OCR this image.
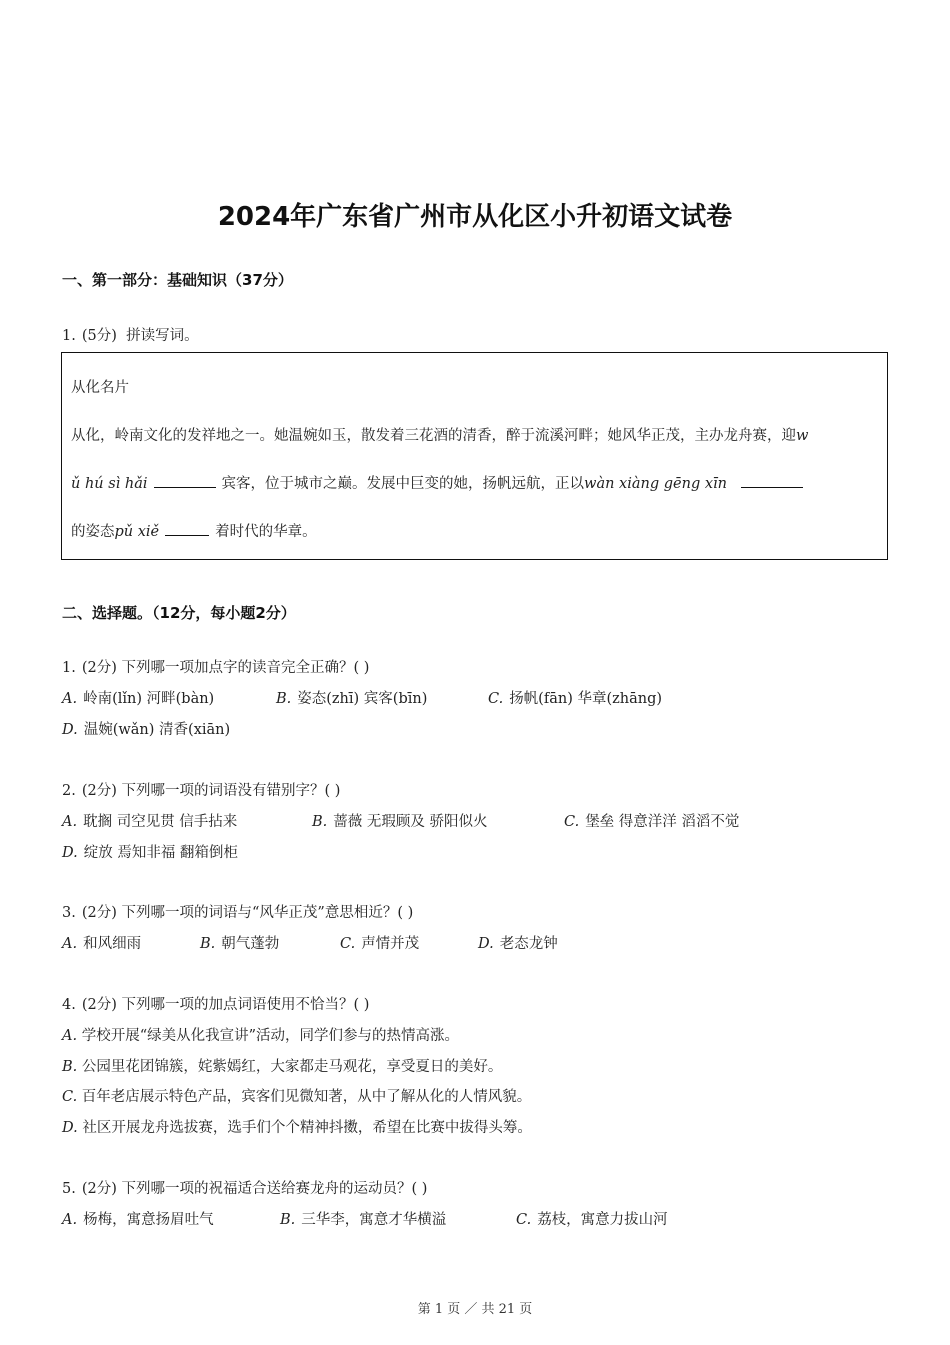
2024年广东省广州市从化区小升初语文试卷
一、第一部分：基础知识（37分）
1. (5分) 拼读写词。
从化名片
从化，岭南文化的发祥地之一。她温婉如玉，散发着三花酒的清香，醉于流溪河畔；她风华正茂，主办龙舟赛，迎w
ǔ hú sì hǎi	宾客，位于城市之巅。发展中巨变的她，扬帆远航，正以wàn xiàng gēng xīn
的姿态pǔ xiě	着时代的华章。
二、选择题。（12分，每小题2分）
1. (2分) 下列哪一项加点字的读音完全正确？( )
A. 岭南(lǐn) 河畔(bàn)	B. 姿态(zhī) 宾客(bīn)	C. 扬帆(fān) 华章(zhāng)
D. 温婉(wǎn) 清香(xiān)
2. (2分) 下列哪一项的词语没有错别字？( )
A. 耽搁 司空见贯 信手拈来	B. 蔷薇 无瑕顾及 骄阳似火	C. 堡垒 得意洋洋 滔滔不觉
D. 绽放 焉知非福 翻箱倒柜
3. (2分) 下列哪一项的词语与“风华正茂”意思相近？( )
A. 和风细雨	B. 朝气蓬勃	C. 声情并茂	D. 老态龙钟
4. (2分) 下列哪一项的加点词语使用不恰当？( )
A. 学校开展“绿美从化我宣讲”活动，同学们参与的热情高涨。
B. 公园里花团锦簇，姹紫嫣红，大家都走马观花，享受夏日的美好。
C. 百年老店展示特色产品，宾客们见微知著，从中了解从化的人情风貌。
D. 社区开展龙舟选拔赛，选手们个个精神抖擞，希望在比赛中拔得头筹。
5. (2分) 下列哪一项的祝福适合送给赛龙舟的运动员？( )
A. 杨梅，寓意扬眉吐气	B. 三华李，寓意才华横溢	C. 荔枝，寓意力拔山河
第 1 页 ／ 共 21 页
